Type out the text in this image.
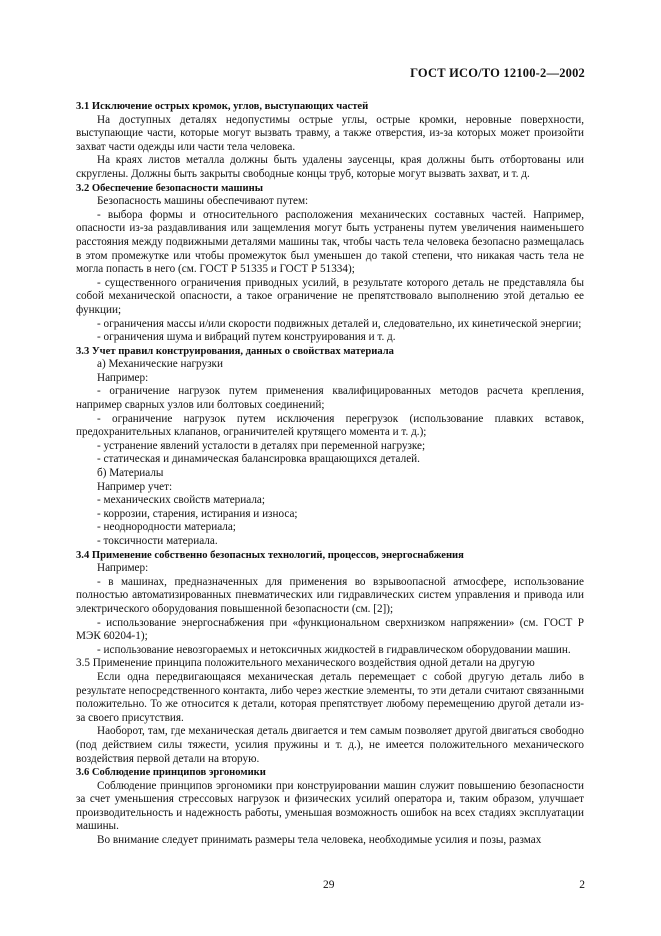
ГОСТ ИСО/ТО 12100-2—2002

3.1 Исключение острых кромок, углов, выступающих частей

На доступных деталях недопустимы острые углы, острые кромки, неровные поверхности, выступающие части, которые могут вызвать травму, а также отверстия, из-за которых может произойти захват части одежды или части тела человека.

На краях листов металла должны быть удалены заусенцы, края должны быть отбортованы или скруглены. Должны быть закрыты свободные концы труб, которые могут вызвать захват, и т. д.

3.2 Обеспечение безопасности машины

Безопасность машины обеспечивают путем:

- выбора формы и относительного расположения механических составных частей. Например, опасности из-за раздавливания или защемления могут быть устранены путем увеличения наименьшего расстояния между подвижными деталями машины так, чтобы часть тела человека безопасно размещалась в этом промежутке или чтобы промежуток был уменьшен до такой степени, что никакая часть тела не могла попасть в него (см. ГОСТ Р 51335 и ГОСТ Р 51334);

- существенного ограничения приводных усилий, в результате которого деталь не представляла бы собой механической опасности, а такое ограничение не препятствовало выполнению этой деталью ее функции;

- ограничения массы и/или скорости подвижных деталей и, следовательно, их кинетической энергии;

- ограничения шума и вибраций путем конструирования и т. д.

3.3 Учет правил конструирования, данных о свойствах материала

а) Механические нагрузки

Например:

- ограничение нагрузок путем применения квалифицированных методов расчета крепления, например сварных узлов или болтовых соединений;

- ограничение нагрузок путем исключения перегрузок (использование плавких вставок, предохранительных клапанов, ограничителей крутящего момента и т. д.);

- устранение явлений усталости в деталях при переменной нагрузке;

- статическая и динамическая балансировка вращающихся деталей.

б) Материалы

Например учет:

- механических свойств материала;

- коррозии, старения, истирания и износа;

- неоднородности материала;

- токсичности материала.

3.4 Применение собственно безопасных технологий, процессов, энергоснабжения

Например:

- в машинах, предназначенных для применения во взрывоопасной атмосфере, использование полностью автоматизированных пневматических или гидравлических систем управления и привода или электрического оборудования повышенной безопасности (см. [2]);

- использование энергоснабжения при «функциональном сверхнизком напряжении» (см. ГОСТ Р МЭК 60204-1);

- использование невозгораемых и нетоксичных жидкостей в гидравлическом оборудовании машин.

3.5 Применение принципа положительного механического воздействия одной детали на другую

Если одна передвигающаяся механическая деталь перемещает с собой другую деталь либо в результате непосредственного контакта, либо через жесткие элементы, то эти детали считают связанными положительно. То же относится к детали, которая препятствует любому перемещению другой детали из-за своего присутствия.

Наоборот, там, где механическая деталь двигается и тем самым позволяет другой двигаться свободно (под действием силы тяжести, усилия пружины и т. д.), не имеется положительного механического воздействия первой детали на вторую.

3.6 Соблюдение принципов эргономики

Соблюдение принципов эргономики при конструировании машин служит повышению безопасности за счет уменьшения стрессовых нагрузок и физических усилий оператора и, таким образом, улучшает производительность и надежность работы, уменьшая возможность ошибок на всех стадиях эксплуатации машины.

Во внимание следует принимать размеры тела человека, необходимые усилия и позы, размах

29	2
